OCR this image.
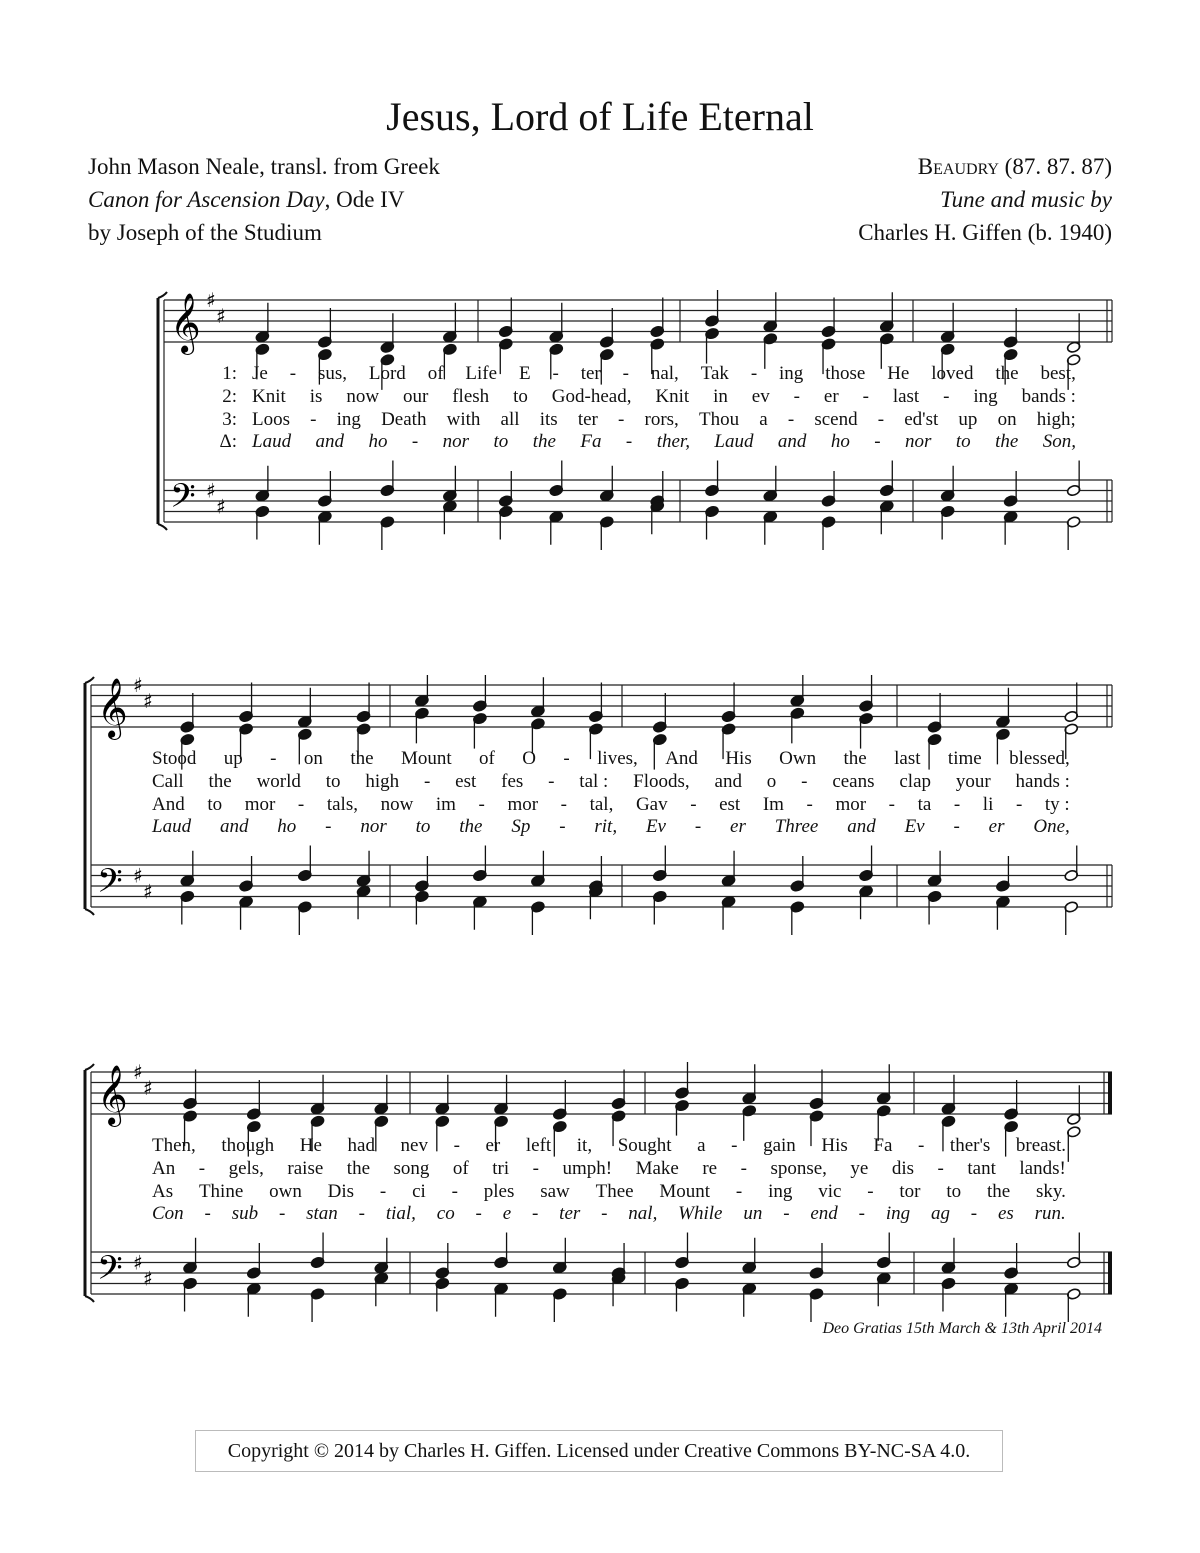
Jesus, Lord of Life Eternal
John Mason Neale, transl. from Greek
Canon for Ascension Day, Ode IV
by Joseph of the Studium
Beaudry (87. 87. 87)
Tune and music by
Charles H. Giffen (b. 1940)
𝄞
𝄢
♯
♯
♯
♯
Je - sus, Lord of Life E - ter - nal, Tak - ing those He loved the best,
1:
Knit is now our flesh to God-head, Knit in ev - er - last - ing bands :
2:
Loos - ing Death with all its ter - rors, Thou a - scend - ed'st up on high;
3:
Laud and ho - nor to the Fa - ther, Laud and ho - nor to the Son,
Δ:
𝄞
𝄢
♯
♯
♯
♯
Stood up - on the Mount of O - lives, And His Own the last time blessed,
Call the world to high - est fes - tal : Floods, and o - ceans clap your hands :
And to mor - tals, now im - mor - tal, Gav - est Im - mor - ta - li - ty :
Laud and ho - nor to the Sp - rit, Ev - er Three and Ev - er One,
𝄞
𝄢
♯
♯
♯
♯
Then, though He had nev - er left it, Sought a - gain His Fa - ther's breast.
An - gels, raise the song of tri - umph! Make re - sponse, ye dis - tant lands!
As Thine own Dis - ci - ples saw Thee Mount - ing vic - tor to the sky.
Con - sub - stan - tial, co - e - ter - nal, While un - end - ing ag - es run.
Deo Gratias 15th March & 13th April 2014
Copyright © 2014 by Charles H. Giffen. Licensed under Creative Commons BY-NC-SA 4.0.
